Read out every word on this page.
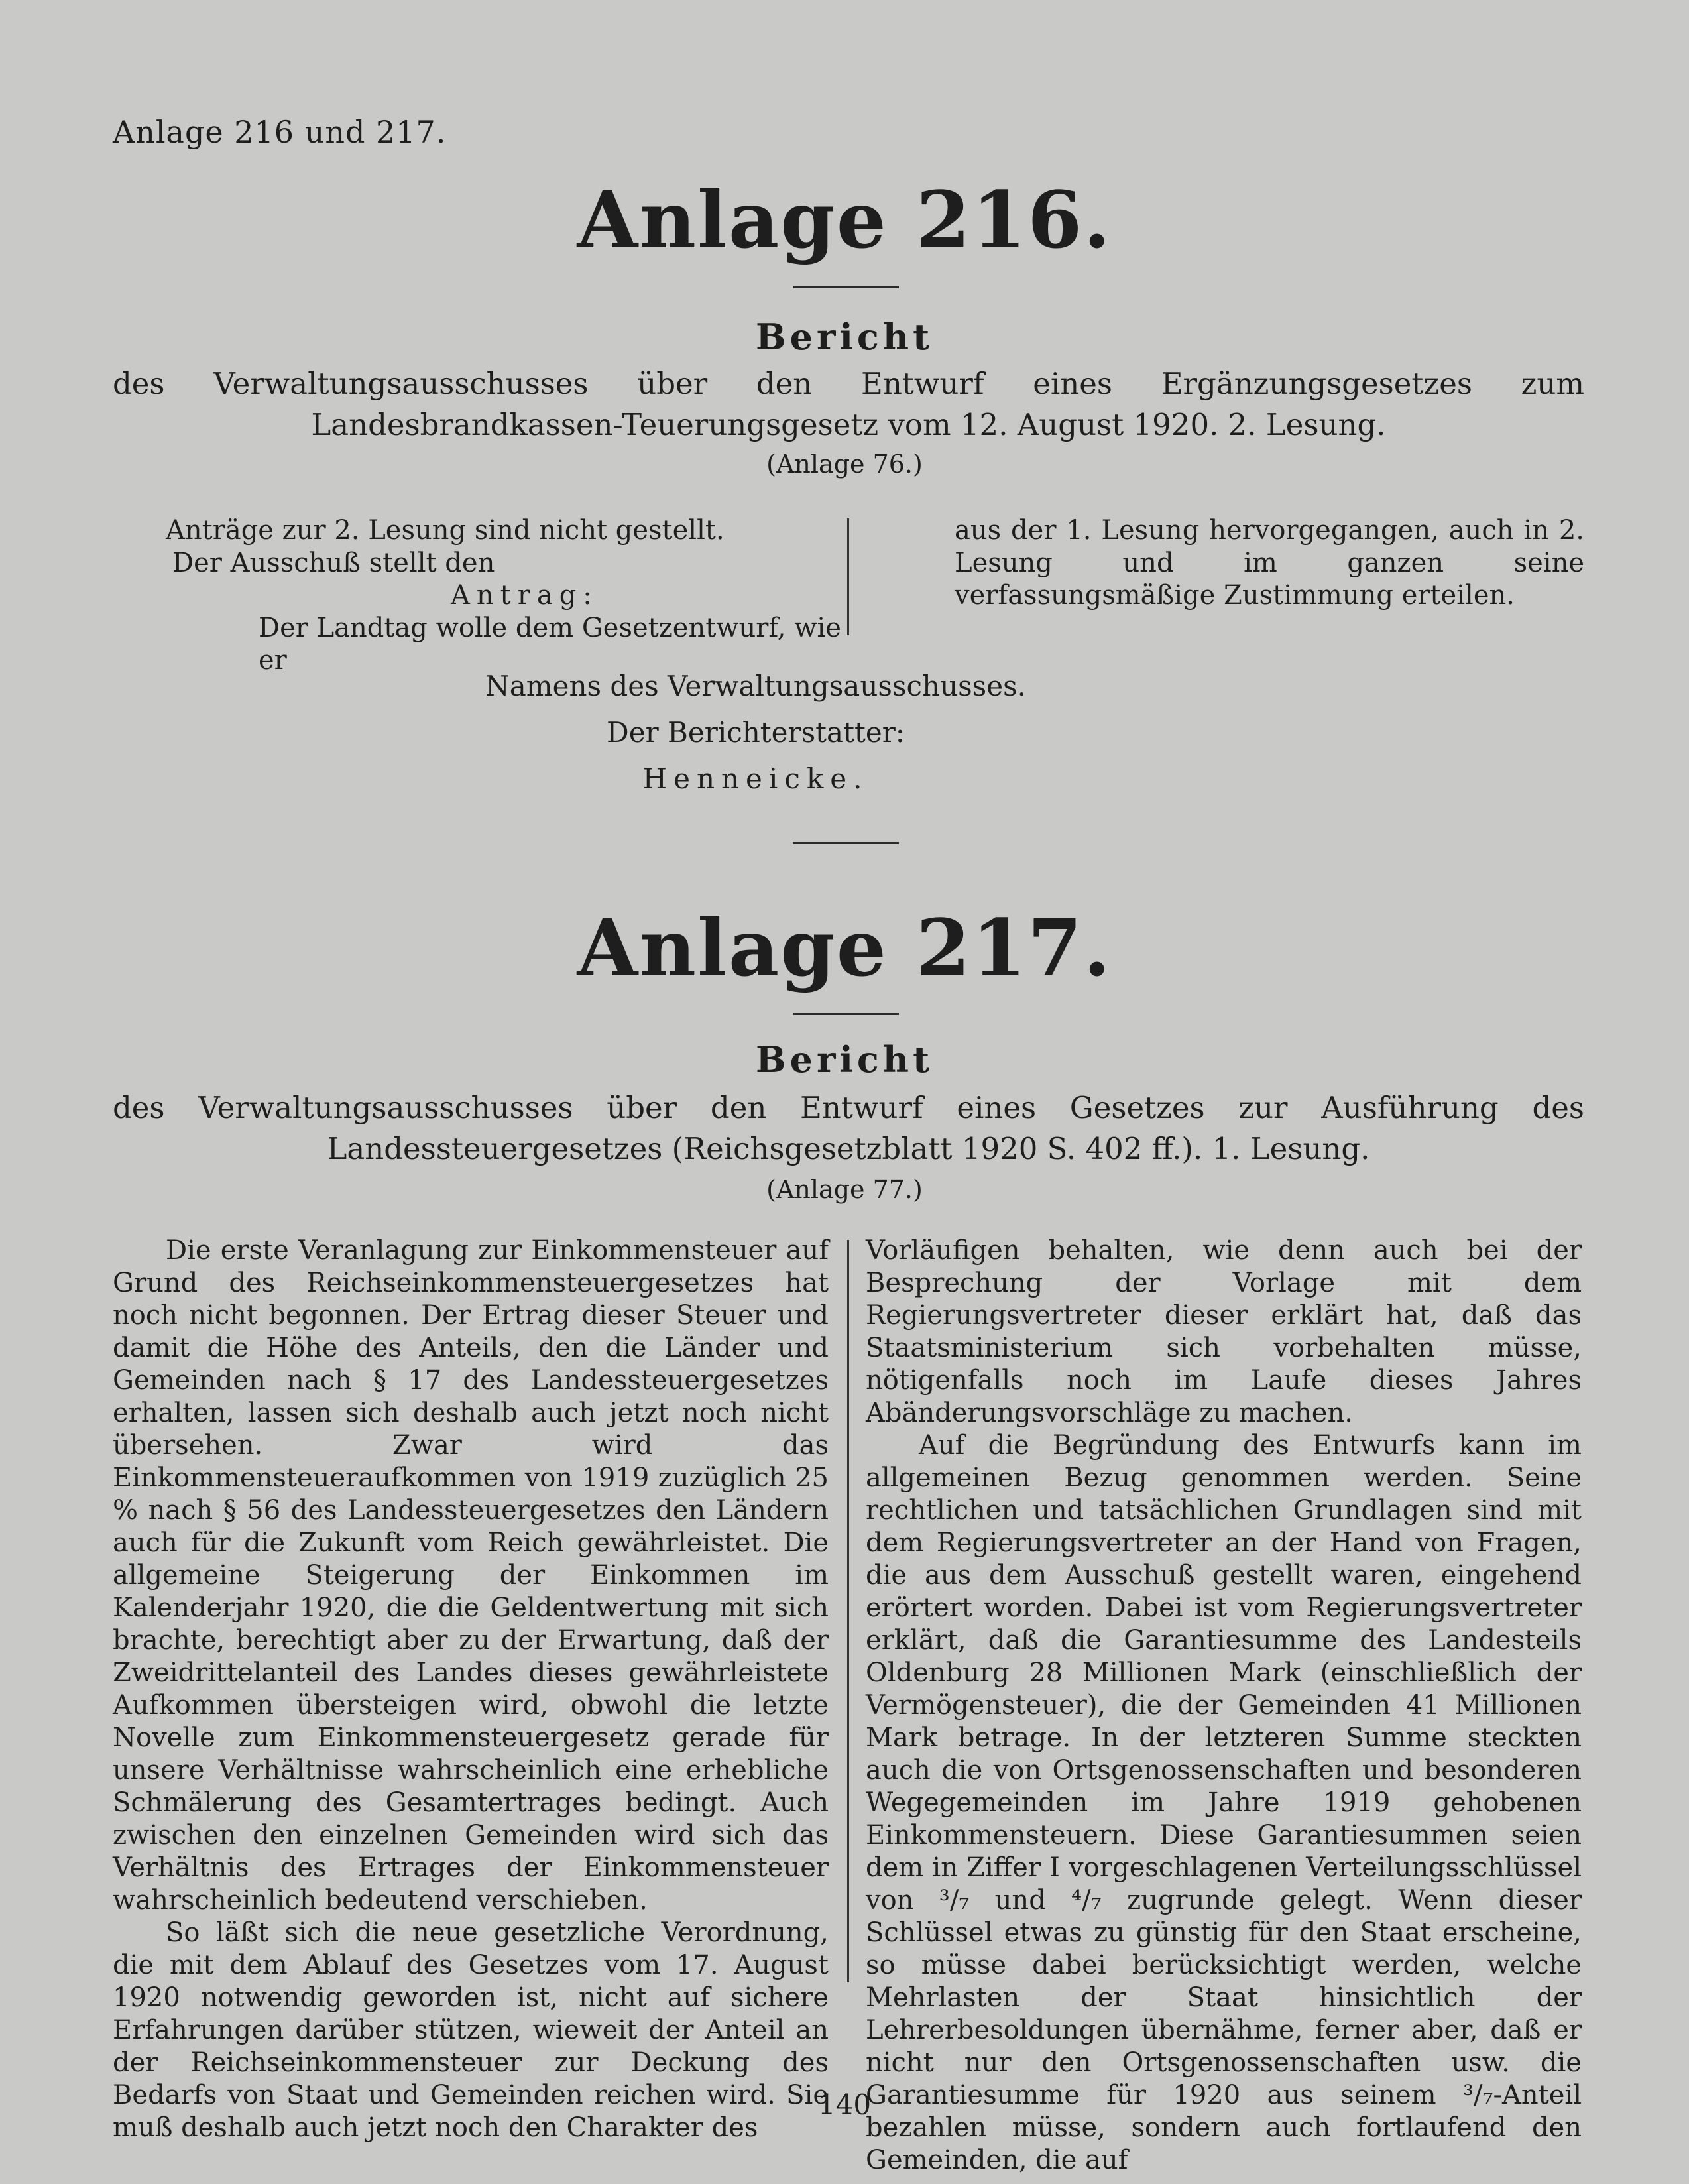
Anlage 216 und 217.
Anlage 216.
Bericht
des Verwaltungsausschusses über den Entwurf eines Ergänzungsgesetzes zum Landesbrandkassen-Teuerungsgesetz vom 12. August 1920. 2. Lesung.
(Anlage 76.)

Anträge zur 2. Lesung sind nicht gestellt.

Der Ausschuß stellt den

Antrag:

Der Landtag wolle dem Gesetzentwurf, wie er

aus der 1. Lesung hervorgegangen, auch in 2. Lesung und im ganzen seine verfassungsmäßige Zustimmung erteilen.

Namens des Verwaltungsausschusses.
Der Berichterstatter:
Henneicke.
Anlage 217.
Bericht
des Verwaltungsausschusses über den Entwurf eines Gesetzes zur Ausführung des Landessteuergesetzes (Reichsgesetzblatt 1920 S. 402 ff.). 1. Lesung.
(Anlage 77.)

Die erste Veranlagung zur Einkommensteuer auf Grund des Reichseinkommensteuergesetzes hat noch nicht begonnen. Der Ertrag dieser Steuer und damit die Höhe des Anteils, den die Länder und Gemeinden nach § 17 des Landessteuergesetzes erhalten, lassen sich deshalb auch jetzt noch nicht übersehen. Zwar wird das Einkommensteueraufkommen von 1919 zuzüglich 25 % nach § 56 des Landessteuergesetzes den Ländern auch für die Zukunft vom Reich gewährleistet. Die allgemeine Steigerung der Einkommen im Kalenderjahr 1920, die die Geldentwertung mit sich brachte, berechtigt aber zu der Erwartung, daß der Zweidrittelanteil des Landes dieses gewährleistete Aufkommen übersteigen wird, obwohl die letzte Novelle zum Einkommensteuergesetz gerade für unsere Verhältnisse wahrscheinlich eine erhebliche Schmälerung des Gesamtertrages bedingt. Auch zwischen den einzelnen Gemeinden wird sich das Verhältnis des Ertrages der Einkommensteuer wahrscheinlich bedeutend verschieben.

So läßt sich die neue gesetzliche Verordnung, die mit dem Ablauf des Gesetzes vom 17. August 1920 notwendig geworden ist, nicht auf sichere Erfahrungen darüber stützen, wieweit der Anteil an der Reichseinkommensteuer zur Deckung des Bedarfs von Staat und Gemeinden reichen wird. Sie muß deshalb auch jetzt noch den Charakter des

Vorläufigen behalten, wie denn auch bei der Besprechung der Vorlage mit dem Regierungsvertreter dieser erklärt hat, daß das Staatsministerium sich vorbehalten müsse, nötigenfalls noch im Laufe dieses Jahres Abänderungsvorschläge zu machen.

Auf die Begründung des Entwurfs kann im allgemeinen Bezug genommen werden. Seine rechtlichen und tatsächlichen Grundlagen sind mit dem Regierungsvertreter an der Hand von Fragen, die aus dem Ausschuß gestellt waren, eingehend erörtert worden. Dabei ist vom Regierungsvertreter erklärt, daß die Garantiesumme des Landesteils Oldenburg 28 Millionen Mark (einschließlich der Vermögensteuer), die der Gemeinden 41 Millionen Mark betrage. In der letzteren Summe steckten auch die von Ortsgenossenschaften und besonderen Wegegemeinden im Jahre 1919 gehobenen Einkommensteuern. Diese Garantiesummen seien dem in Ziffer I vorgeschlagenen Verteilungsschlüssel von ³/₇ und ⁴/₇ zugrunde gelegt. Wenn dieser Schlüssel etwas zu günstig für den Staat erscheine, so müsse dabei berücksichtigt werden, welche Mehrlasten der Staat hinsichtlich der Lehrerbesoldungen übernähme, ferner aber, daß er nicht nur den Ortsgenossenschaften usw. die Garantiesumme für 1920 aus seinem ³/₇-Anteil bezahlen müsse, sondern auch fortlaufend den Gemeinden, die auf

140
